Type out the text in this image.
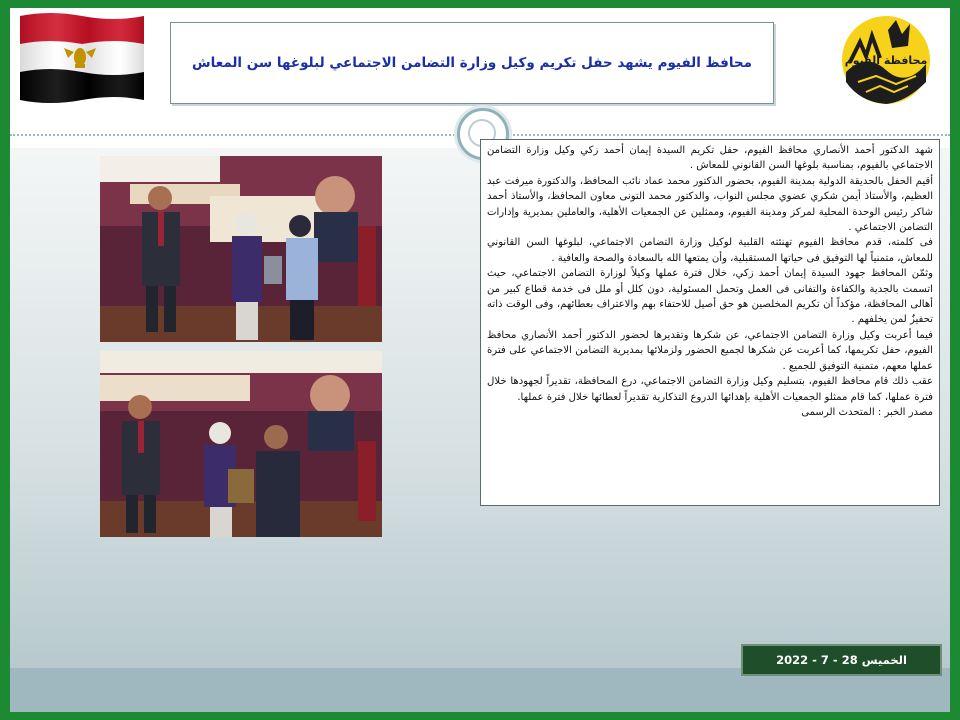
محافظ الفيوم يشهد حفل تكريم وكيل وزارة التضامن الاجتماعي لبلوغها سن المعاش	محافظة الفيوم

شهد الدكتور أحمد الأنصاري محافظ الفيوم، حفل تكريم السيدة إيمان أحمد زكي وكيل وزارة التضامن الاجتماعي بالفيوم، بمناسبة بلوغها السن القانوني للمعاش .

أقيم الحفل بالحديقة الدولية بمدينة الفيوم، بحضور الدكتور محمد عماد نائب المحافظ، والدكتورة ميرفت عبد العظيم، والأستاذ أيمن شكري عضوي مجلس النواب، والدكتور محمد التونى معاون المحافظ، والأستاذ أحمد شاكر رئيس الوحدة المحلية لمركز ومدينة الفيوم، وممثلين عن الجمعيات الأهلية، والعاملين بمديرية وإدارات التضامن الاجتماعي .

فى كلمته، قدم محافظ الفيوم تهنئته القلبية لوكيل وزارة التضامن الاجتماعي، لبلوغها السن القانوني للمعاش، متمنياً لها التوفيق فى حياتها المستقبلية، وأن يمتعها الله بالسعادة والصحة والعافية .

وثمّن المحافظ جهود السيدة إيمان أحمد زكي، خلال فترة عملها وكيلاً لوزارة التضامن الاجتماعي، حيث اتسمت بالجدية والكفاءة والتفانى فى العمل وتحمل المسئولية، دون كلل أو ملل فى خدمة قطاع كبير من أهالى المحافظة، مؤكداً أن تكريم المخلصين هو حق أصيل للاحتفاء بهم والاعتراف بعطائهم، وفى الوقت ذاته تحفيزٌ لمن يخلفهم .

فيما أعربت وكيل وزارة التضامن الاجتماعي، عن شكرها وتقديرها لحضور الدكتور أحمد الأنصاري محافظ الفيوم، حفل تكريمها، كما أعربت عن شكرها لجميع الحضور ولزملائها بمديرية التضامن الاجتماعي على فترة عملها معهم، متمنية التوفيق للجميع .

عقب ذلك قام محافظ الفيوم، بتسليم وكيل وزارة التضامن الاجتماعي، درع المحافظة، تقديراً لجهودها خلال فترة عملها، كما قام ممثلو الجمعيات الأهلية بإهدائها الدروع التذكارية تقديراً لعطائها خلال فترة عملها.

مصدر الخبر : المتحدث الرسمى

الخميس 28 - 7 - 2022
